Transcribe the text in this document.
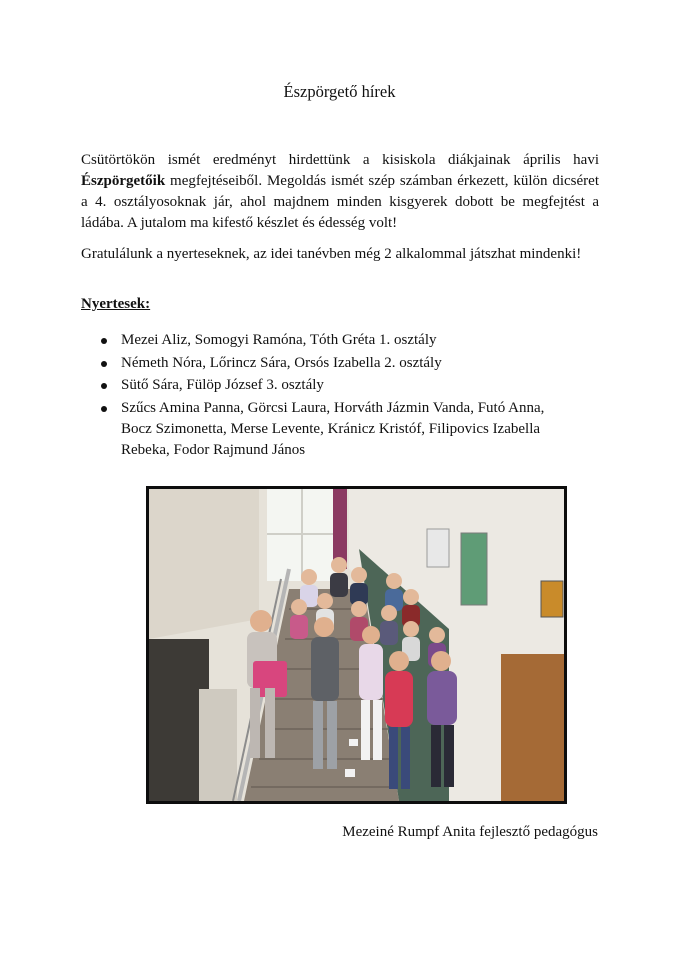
Észpörgető hírek

Csütörtökön ismét eredményt hirdettünk a kisiskola diákjainak április havi Észpörgetőik megfejtéseiből. Megoldás ismét szép számban érkezett, külön dicséret a 4. osztályosoknak jár, ahol majdnem minden kisgyerek dobott be megfejtést a ládába. A jutalom ma kifestő készlet és édesség volt!

Gratulálunk a nyerteseknek, az idei tanévben még 2 alkalommal játszhat mindenki!

Nyertesek:
Mezei Aliz, Somogyi Ramóna, Tóth Gréta 1. osztály
Németh Nóra, Lőrincz Sára, Orsós Izabella 2. osztály
Sütő Sára, Fülöp József 3. osztály
Szűcs Amina Panna, Görcsi Laura, Horváth Jázmin Vanda, Futó Anna, Bocz Szimonetta, Merse Levente, Kránicz Kristóf, Filipovics Izabella Rebeka, Fodor Rajmund János
Mezeiné Rumpf Anita fejlesztő pedagógus
